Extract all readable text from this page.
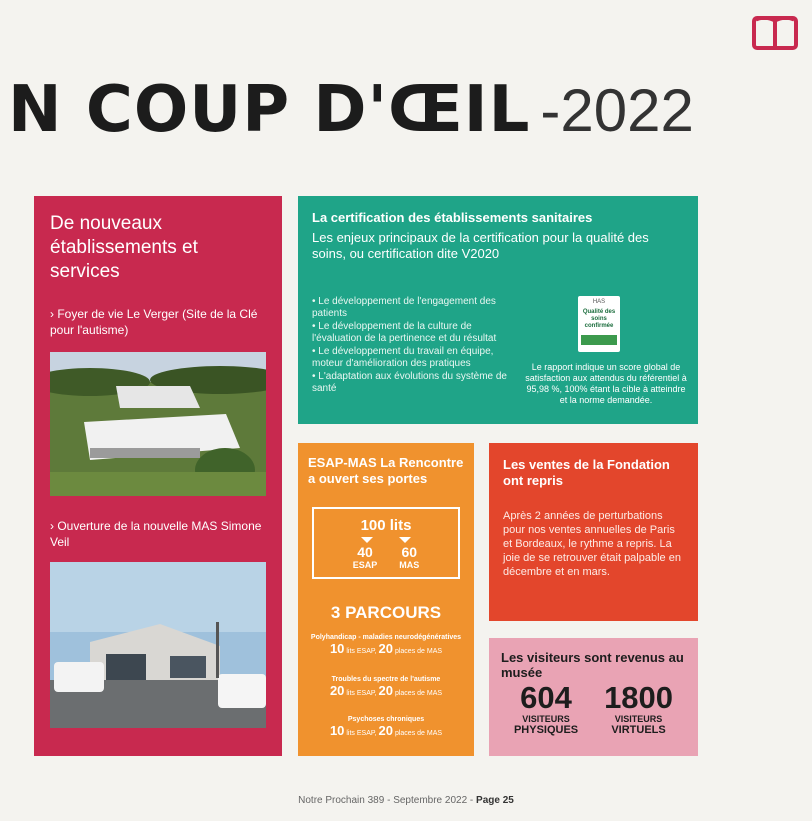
N COUP D'ŒIL -2022
De nouveaux établissements et services
› Foyer de vie Le Verger (Site de la Clé pour l'autisme)
› Ouverture de la nouvelle MAS Simone Veil
La certification des établissements sanitaires
Les enjeux principaux de la certification pour la qualité des soins, ou certification dite V2020
• Le développement de l'engagement des patients
• Le développement de la culture de l'évaluation de la pertinence et du résultat
• Le développement du travail en équipe, moteur d'amélioration des pratiques
• L'adaptation aux évolutions du système de santé
HAS
Qualité des soins confirmée
Le rapport indique un score global de satisfaction aux attendus du référentiel à 95,98 %, 100% étant la cible à atteindre et la norme demandée.
ESAP-MAS La Rencontre a ouvert ses portes
100 lits
40
ESAP
60
MAS
3 PARCOURS
Polyhandicap - maladies neurodégénératives
10 lits ESAP, 20 places de MAS
Troubles du spectre de l'autisme
20 lits ESAP, 20 places de MAS
Psychoses chroniques
10 lits ESAP, 20 places de MAS
Les ventes de la Fondation ont repris
Après 2 années de perturbations pour nos ventes annuelles de Paris et Bordeaux, le rythme a repris. La joie de se retrouver était palpable en décembre et en mars.
Les visiteurs sont revenus au musée
604
VISITEURS
PHYSIQUES
1800
VISITEURS
VIRTUELS
Notre Prochain 389 - Septembre 2022 - Page 25
